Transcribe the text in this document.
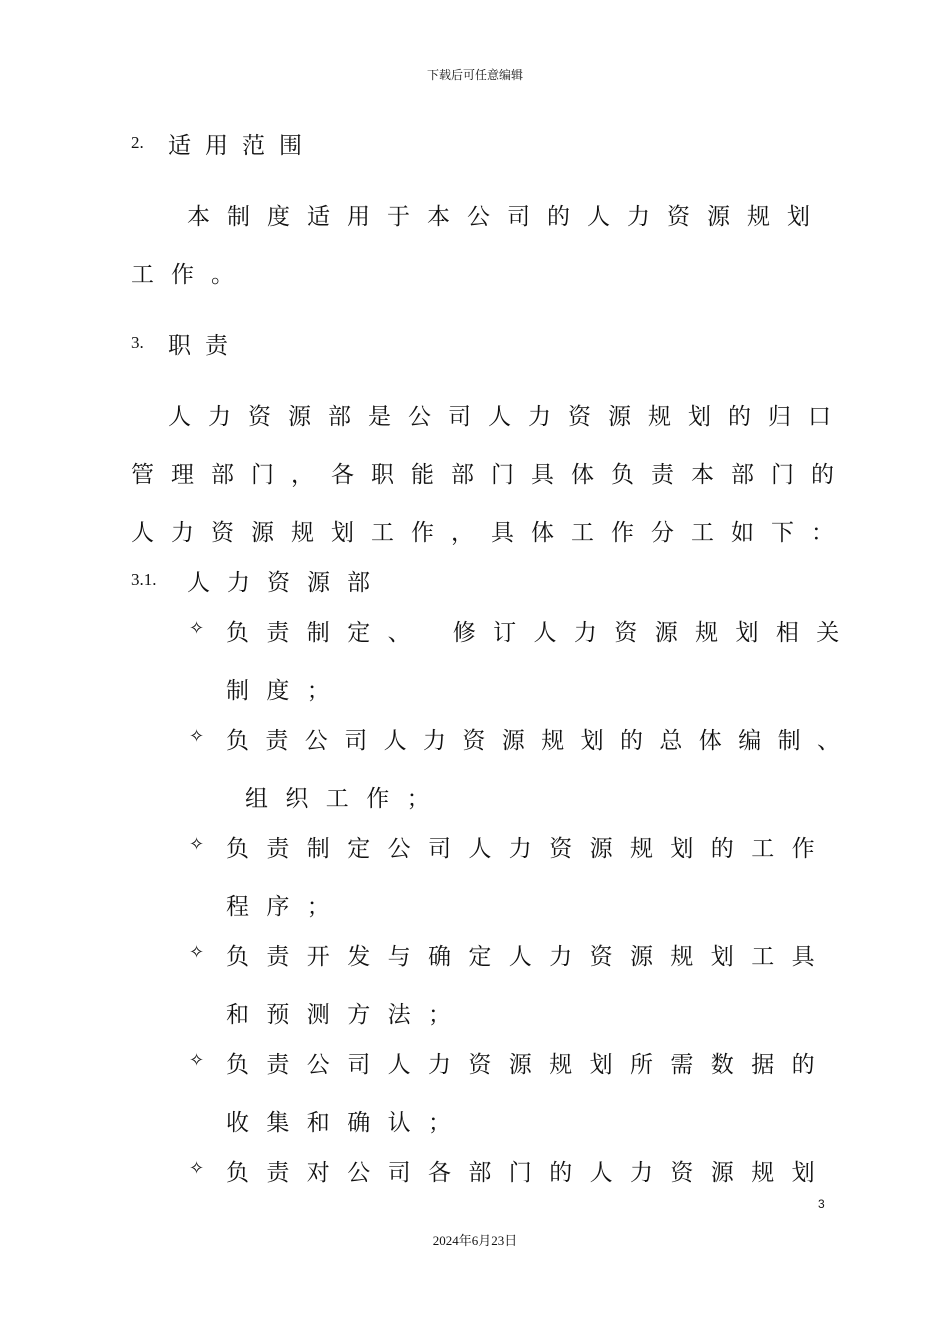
下载后可任意编辑
2. 适用范围
本制度适用于本公司的人力资源规划
工作。
3. 职责
人力资源部是公司人力资源规划的归口
管理部门，各职能部门具体负责本部门的
人力资源规划工作，具体工作分工如下：
3.1. 人力资源部
✧ 负责制定、 修订人力资源规划相关
制度；
✧ 负责公司人力资源规划的总体编制、
组织工作；
✧ 负责制定公司人力资源规划的工作
程序；
✧ 负责开发与确定人力资源规划工具
和预测方法；
✧ 负责公司人力资源规划所需数据的
收集和确认；
✧ 负责对公司各部门的人力资源规划
3
2024年6月23日
